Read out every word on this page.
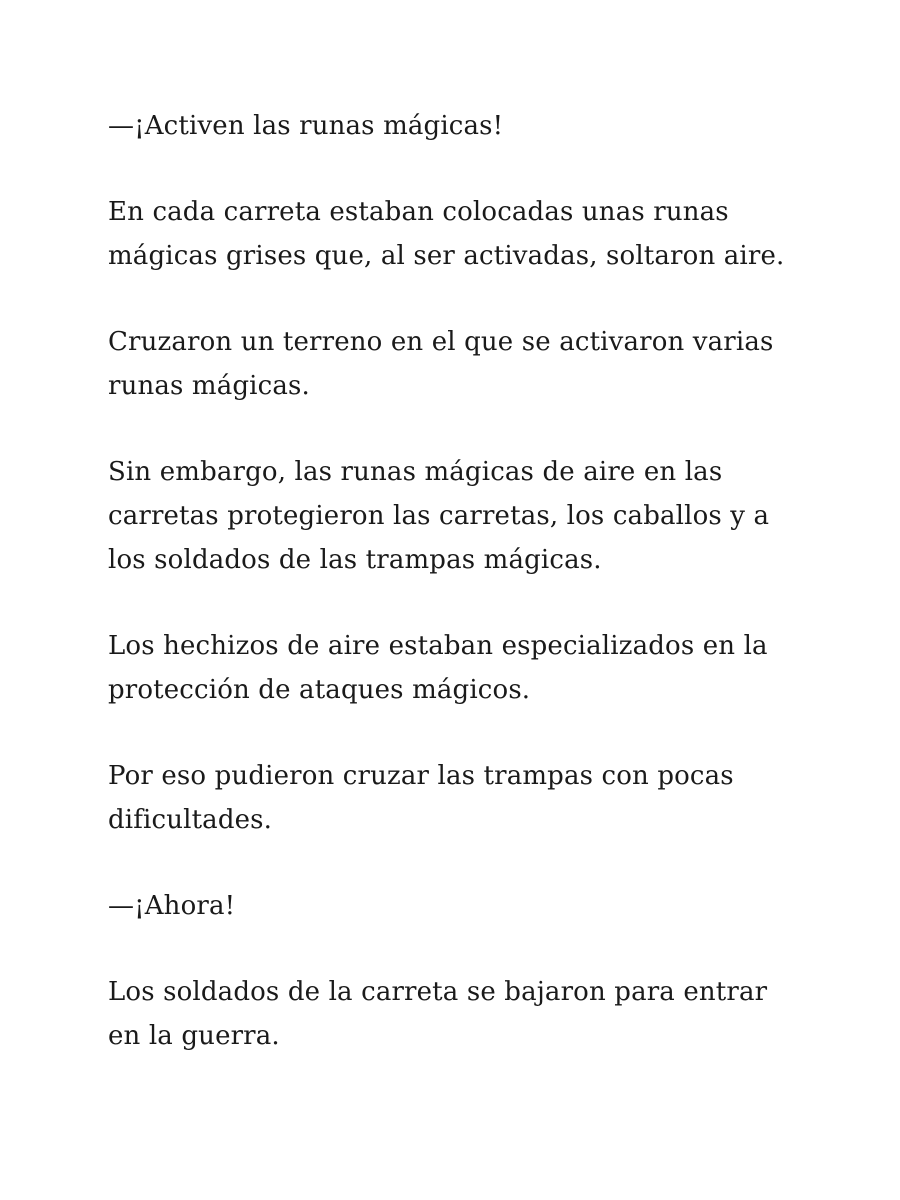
—¡Activen las runas mágicas!

En cada carreta estaban colocadas unas runas mágicas grises que, al ser activadas, soltaron aire.

Cruzaron un terreno en el que se activaron varias runas mágicas.

Sin embargo, las runas mágicas de aire en las carretas protegieron las carretas, los caballos y a los soldados de las trampas mágicas.

Los hechizos de aire estaban especializados en la protección de ataques mágicos.

Por eso pudieron cruzar las trampas con pocas dificultades.

—¡Ahora!

Los soldados de la carreta se bajaron para entrar en la guerra.
